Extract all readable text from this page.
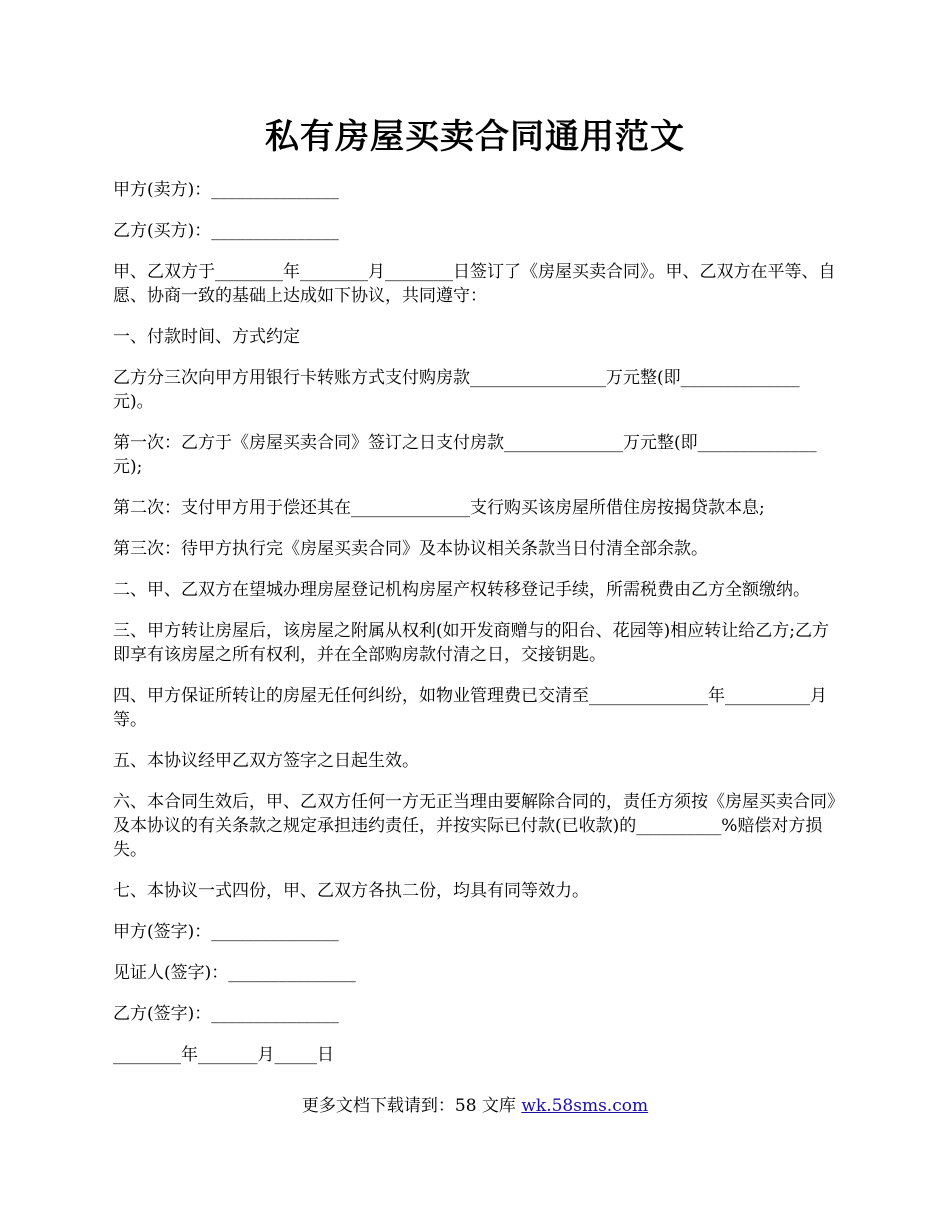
私有房屋买卖合同通用范文

甲方(卖方)：_______________

乙方(买方)：_______________

甲、乙双方于________年________月________日签订了《房屋买卖合同》。甲、乙双方在平等、自愿、协商一致的基础上达成如下协议，共同遵守：

一、付款时间、方式约定

乙方分三次向甲方用银行卡转账方式支付购房款________________万元整(即______________元)。

第一次：乙方于《房屋买卖合同》签订之日支付房款______________万元整(即______________元);

第二次：支付甲方用于偿还其在______________支行购买该房屋所借住房按揭贷款本息;

第三次：待甲方执行完《房屋买卖合同》及本协议相关条款当日付清全部余款。

二、甲、乙双方在望城办理房屋登记机构房屋产权转移登记手续，所需税费由乙方全额缴纳。

三、甲方转让房屋后，该房屋之附属从权利(如开发商赠与的阳台、花园等)相应转让给乙方;乙方即享有该房屋之所有权利，并在全部购房款付清之日，交接钥匙。

四、甲方保证所转让的房屋无任何纠纷，如物业管理费已交清至______________年__________月等。

五、本协议经甲乙双方签字之日起生效。

六、本合同生效后，甲、乙双方任何一方无正当理由要解除合同的，责任方须按《房屋买卖合同》及本协议的有关条款之规定承担违约责任，并按实际已付款(已收款)的__________%赔偿对方损失。

七、本协议一式四份，甲、乙双方各执二份，均具有同等效力。

甲方(签字)：_______________

见证人(签字)：_______________

乙方(签字)：_______________

________年_______月_____日

更多文档下载请到：58 文库 wk.58sms.com
